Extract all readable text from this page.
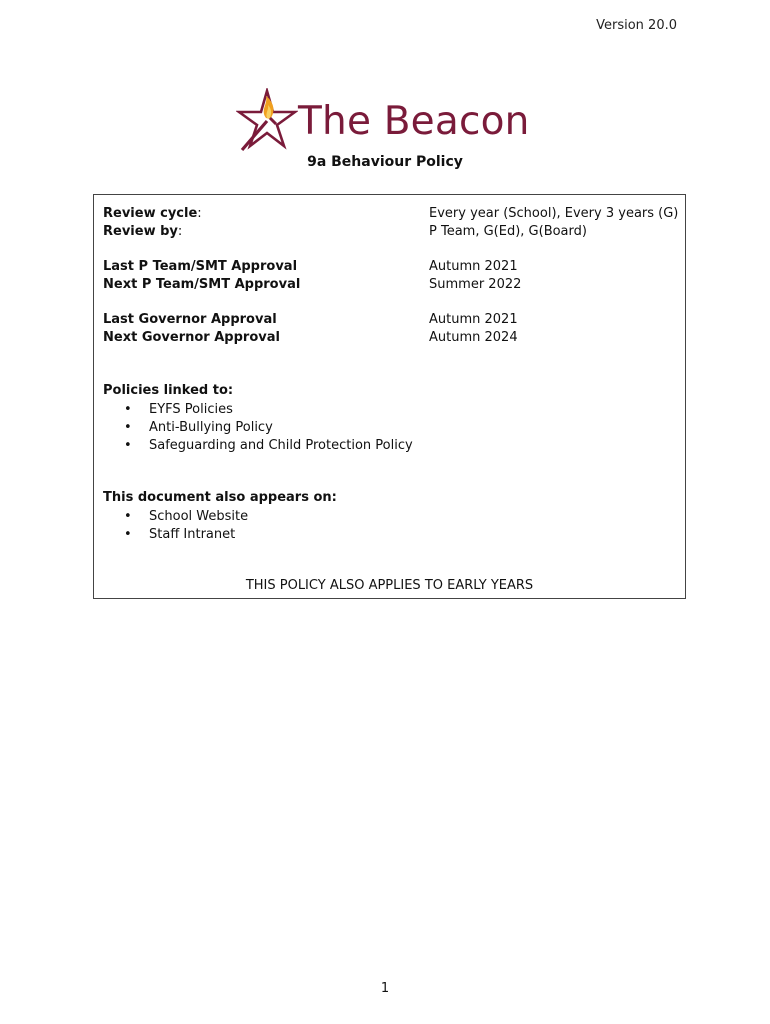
Version 20.0
The Beacon
9a Behaviour Policy
Review cycle:	Every year (School), Every 3 years (G)
Review by:	P Team, G(Ed), G(Board)
Last P Team/SMT Approval	Autumn 2021
Next P Team/SMT Approval	Summer 2022
Last Governor Approval	Autumn 2021
Next Governor Approval	Autumn 2024
Policies linked to:
• EYFS Policies
• Anti-Bullying Policy
• Safeguarding and Child Protection Policy
This document also appears on:
• School Website
• Staff Intranet
THIS POLICY ALSO APPLIES TO EARLY YEARS
1
